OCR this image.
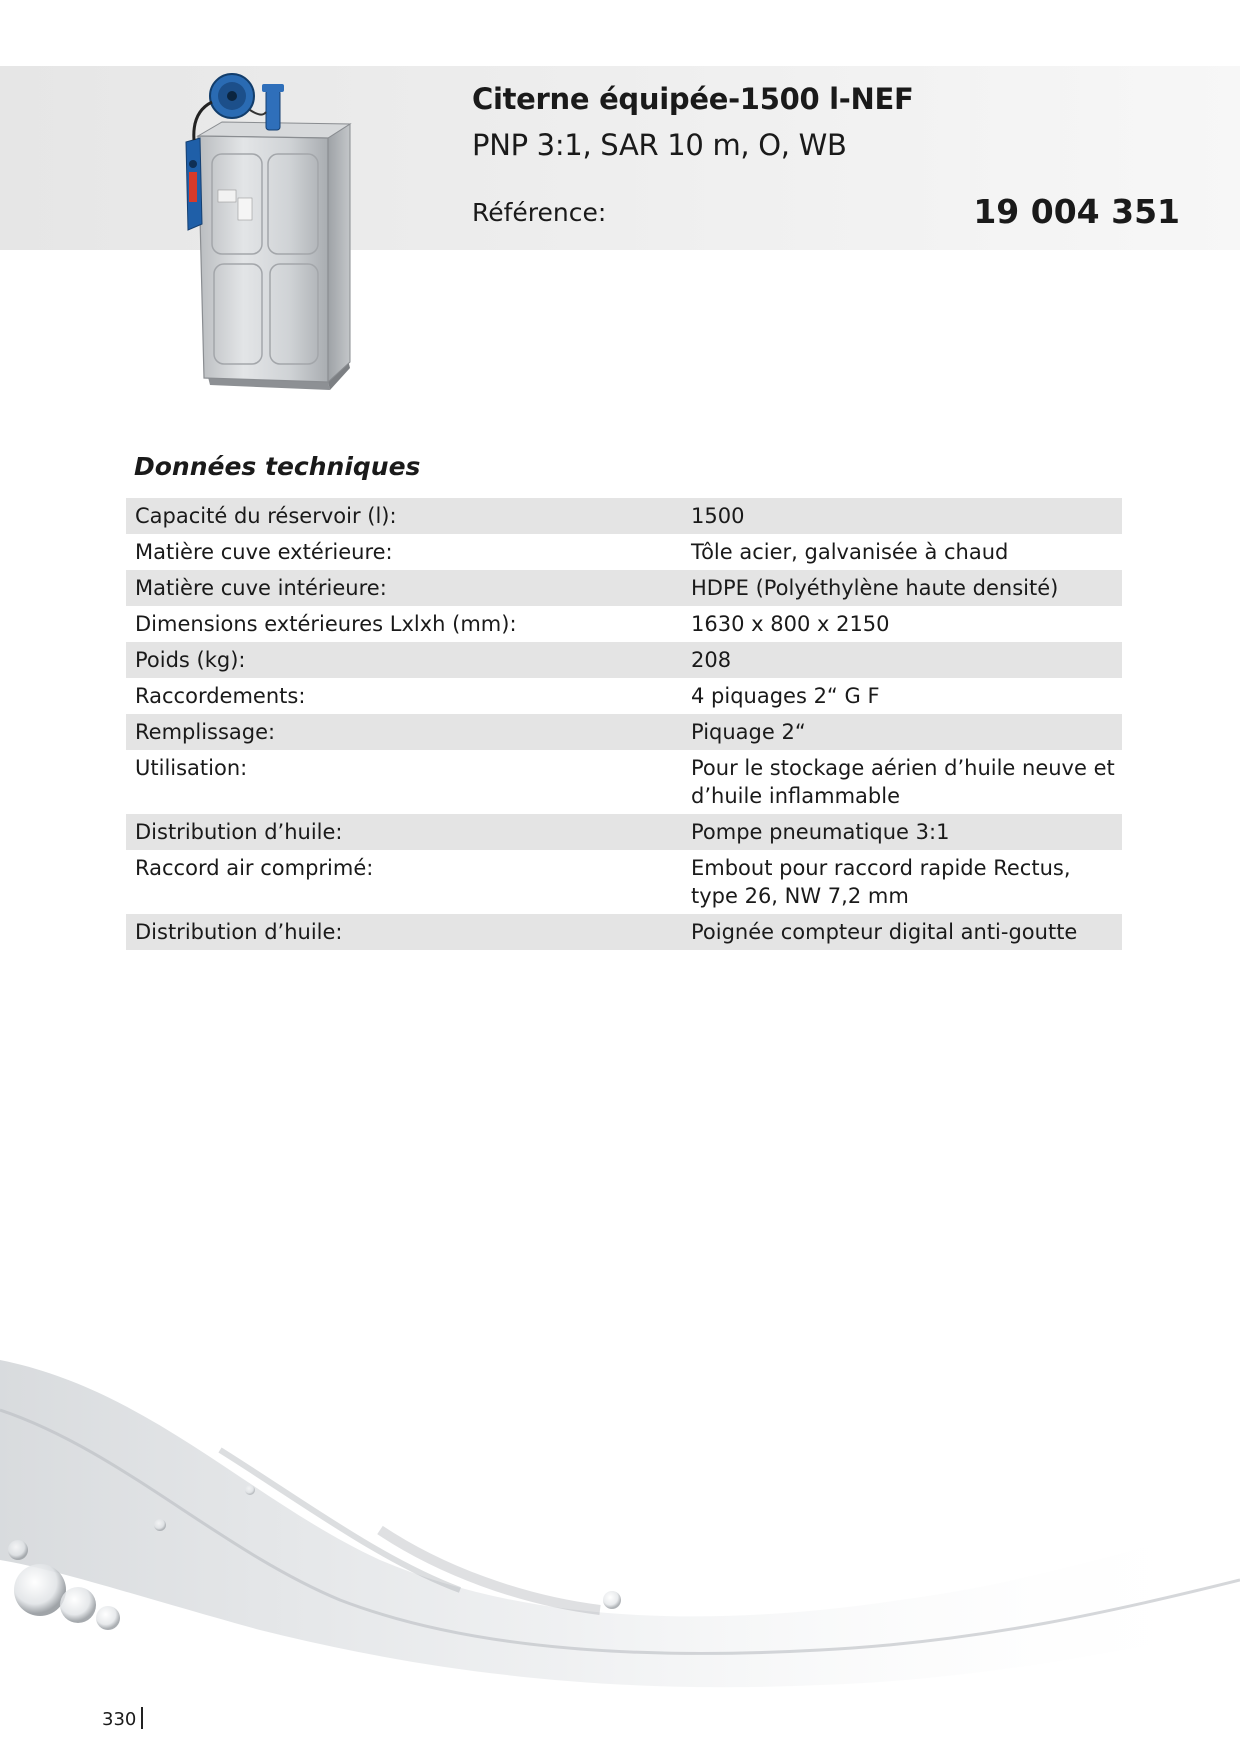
Citerne équipée-1500 l-NEF
PNP 3:1, SAR 10 m, O, WB
Référence:	19 004 351
Données techniques
Capacité du réservoir (l):	1500
Matière cuve extérieure:	Tôle acier, galvanisée à chaud
Matière cuve intérieure:	HDPE (Polyéthylène haute densité)
Dimensions extérieures Lxlxh (mm):	1630 x 800 x 2150
Poids (kg):	208
Raccordements:	4 piquages 2“ G F
Remplissage:	Piquage 2“
Utilisation:	Pour le stockage aérien d’huile neuve et d’huile inflammable
Distribution d’huile:	Pompe pneumatique 3:1
Raccord air comprimé:	Embout pour raccord rapide Rectus, type 26, NW 7,2 mm
Distribution d’huile:	Poignée compteur digital anti-goutte
330
